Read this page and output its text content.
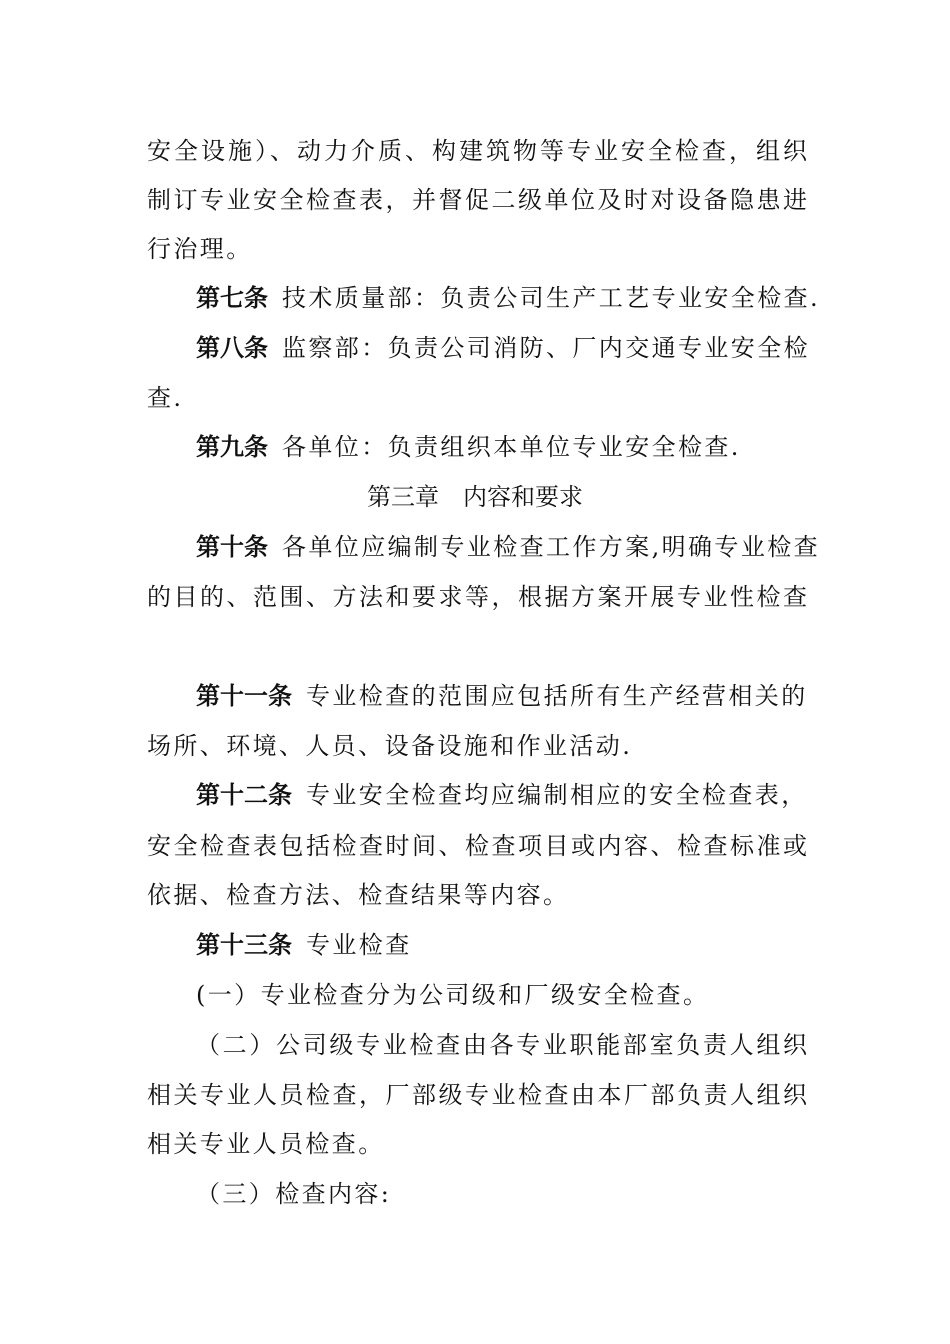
安全设施）、动力介质、构建筑物等专业安全检查，组织
制订专业安全检查表，并督促二级单位及时对设备隐患进
行治理。
第七条 技术质量部：负责公司生产工艺专业安全检查.
第八条 监察部：负责公司消防、厂内交通专业安全检
查.
第九条 各单位：负责组织本单位专业安全检查.
第三章 内容和要求
第十条 各单位应编制专业检查工作方案,明确专业检查
的目的、范围、方法和要求等，根据方案开展专业性检查
第十一条 专业检查的范围应包括所有生产经营相关的
场所、环境、人员、设备设施和作业活动.
第十二条 专业安全检查均应编制相应的安全检查表，
安全检查表包括检查时间、检查项目或内容、检查标准或
依据、检查方法、检查结果等内容。
第十三条 专业检查
(一）专业检查分为公司级和厂级安全检查。
（二）公司级专业检查由各专业职能部室负责人组织
相关专业人员检查，厂部级专业检查由本厂部负责人组织
相关专业人员检查。
（三）检查内容:
